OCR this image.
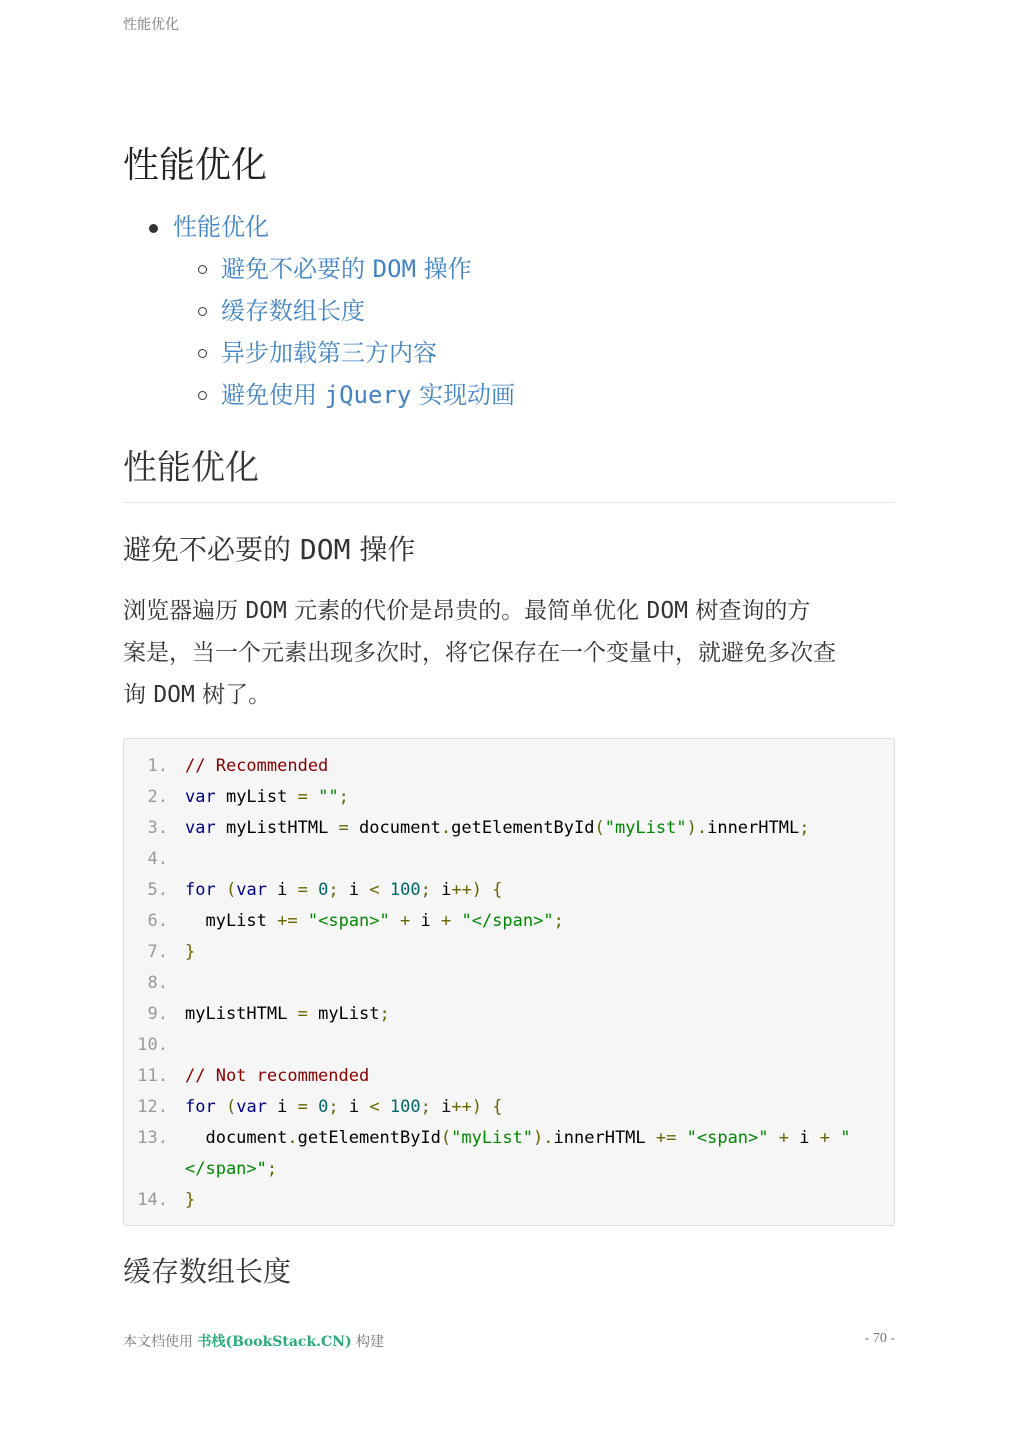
性能优化
性能优化
性能优化
避免不必要的 DOM 操作
缓存数组长度
异步加载第三方内容
避免使用 jQuery 实现动画
性能优化
避免不必要的 DOM 操作

浏览器遍历 DOM 元素的代价是昂贵的。最简单优化 DOM 树查询的方
案是，当一个元素出现多次时，将它保存在一个变量中，就避免多次查
询 DOM 树了。

1. // Recommended
2. var myList = "";
3. var myListHTML = document.getElementById("myList").innerHTML;
4.
5. for (var i = 0; i < 100; i++) {
6. myList += "<span>" + i + "</span>";
7. }
8.
9. myListHTML = myList;
10.
11. // Not recommended
12. for (var i = 0; i < 100; i++) {
13. document.getElementById("myList").innerHTML += "<span>" + i + "
</span>";
14. }
缓存数组长度
本文档使用 书栈(BookStack.CN) 构建	- 70 -
